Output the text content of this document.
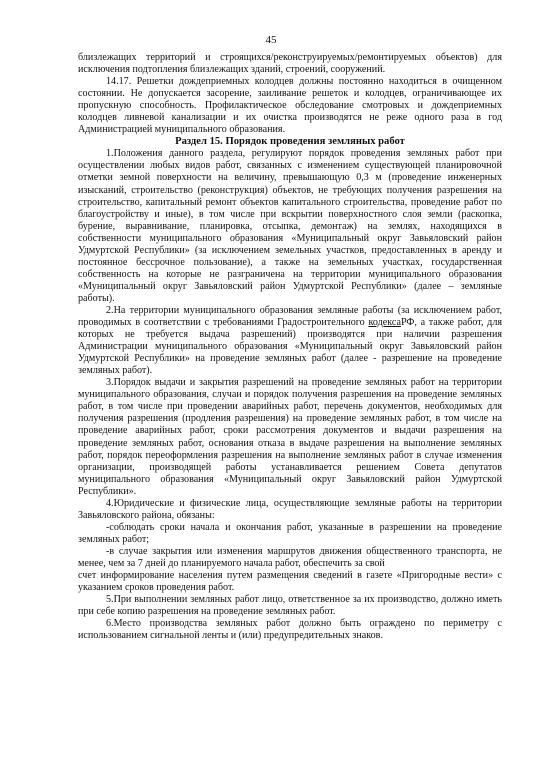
45

близлежащих территорий и строящихся/реконструируемых/ремонтируемых объектов) для исключения подтопления близлежащих зданий, строений, сооружений.

14.17. Решетки дождеприемных колодцев должны постоянно находиться в очищенном состоянии. Не допускается засорение, заиливание решеток и колодцев, ограничивающее их пропускную способность. Профилактическое обследование смотровых и дождеприемных колодцев ливневой канализации и их очистка производятся не реже одного раза в год Администрацией муниципального образования.

Раздел 15. Порядок проведения земляных работ

1.Положения данного раздела, регулируют порядок проведения земляных работ при осуществлении любых видов работ, связанных с изменением существующей планировочной отметки земной поверхности на величину, превышающую 0,3 м (проведение инженерных изысканий, строительство (реконструкция) объектов, не требующих получения разрешения на строительство, капитальный ремонт объектов капитального строительства, проведение работ по благоустройству и иные), в том числе при вскрытии поверхностного слоя земли (раскопка, бурение, выравнивание, планировка, отсыпка, демонтаж) на землях, находящихся в собственности муниципального образования «Муниципальный округ Завьяловский район Удмуртской Республики» (за исключением земельных участков, предоставленных в аренду и постоянное бессрочное пользование), а также на земельных участках, государственная собственность на которые не разграничена на территории муниципального образования «Муниципальный округ Завьяловский район Удмуртской Республики» (далее – земляные работы).

2.На территории муниципального образования земляные работы (за исключением работ, проводимых в соответствии с требованиями Градостроительного кодексаРФ, а также работ, для которых не требуется выдача разрешений) производятся при наличии разрешения Администрации муниципального образования «Муниципальный округ Завьяловский район Удмуртской Республики» на проведение земляных работ (далее - разрешение на проведение земляных работ).

3.Порядок выдачи и закрытия разрешений на проведение земляных работ на территории муниципального образования, случаи и порядок получения разрешения на проведение земляных работ, в том числе при проведении аварийных работ, перечень документов, необходимых для получения разрешения (продления разрешения) на проведение земляных работ, в том числе на проведение аварийных работ, сроки рассмотрения документов и выдачи разрешения на проведение земляных работ, основания отказа в выдаче разрешения на выполнение земляных работ, порядок переоформления разрешения на выполнение земляных работ в случае изменения организации, производящей работы устанавливается решением Совета депутатов муниципального образования «Муниципальный округ Завьяловский район Удмуртской Республики».

4.Юридические и физические лица, осуществляющие земляные работы на территории Завьяловского района, обязаны:

-соблюдать сроки начала и окончания работ, указанные в разрешении на проведение земляных работ;

-в случае закрытия или изменения маршрутов движения общественного транспорта, не менее, чем за 7 дней до планируемого начала работ, обеспечить за свой

счет информирование населения путем размещения сведений в газете «Пригородные вести» с указанием сроков проведения работ.

5.При выполнении земляных работ лицо, ответственное за их производство, должно иметь при себе копию разрешения на проведение земляных работ.

6.Место производства земляных работ должно быть ограждено по периметру с использованием сигнальной ленты и (или) предупредительных знаков.
